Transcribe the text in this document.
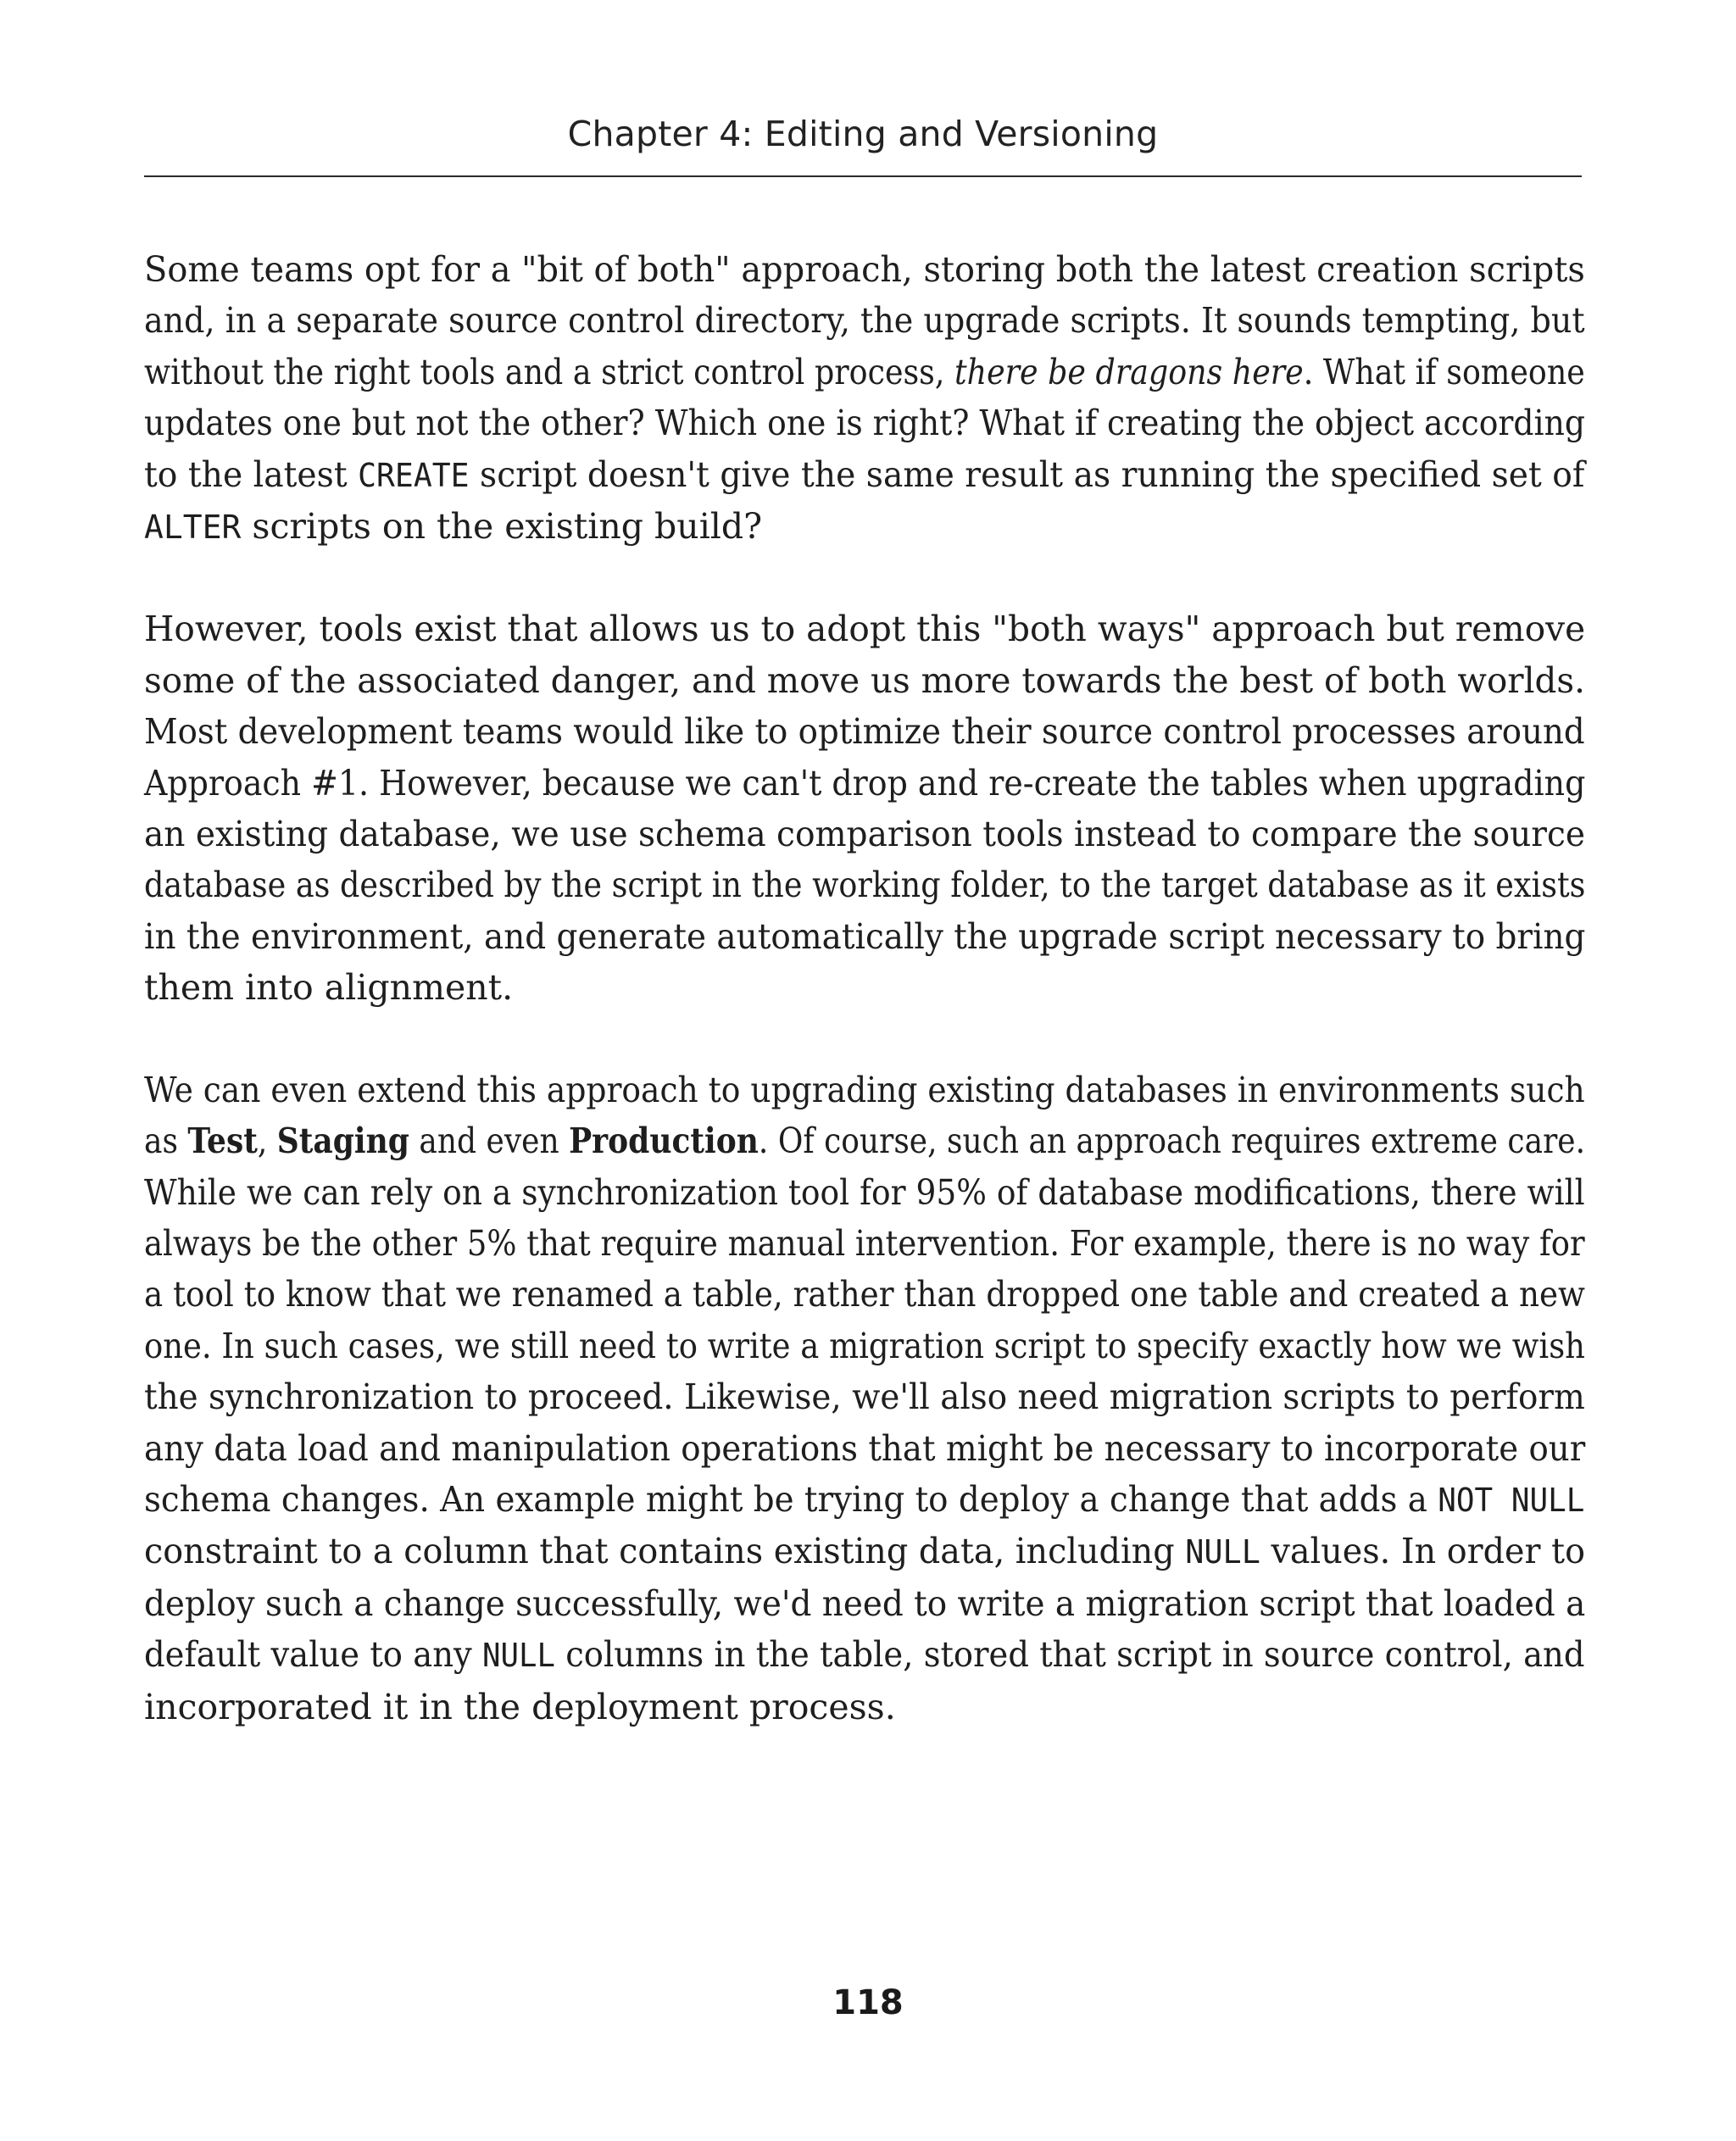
Chapter 4: Editing and Versioning

Some teams opt for a "bit of both" approach, storing both the latest creation scripts
and, in a separate source control directory, the upgrade scripts. It sounds tempting, but
without the right tools and a strict control process, there be dragons here. What if someone
updates one but not the other? Which one is right? What if creating the object according
to the latest CREATE script doesn't give the same result as running the specified set of
ALTER scripts on the existing build?

However, tools exist that allows us to adopt this "both ways" approach but remove
some of the associated danger, and move us more towards the best of both worlds.
Most development teams would like to optimize their source control processes around
Approach #1. However, because we can't drop and re-create the tables when upgrading
an existing database, we use schema comparison tools instead to compare the source
database as described by the script in the working folder, to the target database as it exists
in the environment, and generate automatically the upgrade script necessary to bring
them into alignment.

We can even extend this approach to upgrading existing databases in environments such
as Test, Staging and even Production. Of course, such an approach requires extreme care.
While we can rely on a synchronization tool for 95% of database modifications, there will
always be the other 5% that require manual intervention. For example, there is no way for
a tool to know that we renamed a table, rather than dropped one table and created a new
one. In such cases, we still need to write a migration script to specify exactly how we wish
the synchronization to proceed. Likewise, we'll also need migration scripts to perform
any data load and manipulation operations that might be necessary to incorporate our
schema changes. An example might be trying to deploy a change that adds a NOT NULL
constraint to a column that contains existing data, including NULL values. In order to
deploy such a change successfully, we'd need to write a migration script that loaded a
default value to any NULL columns in the table, stored that script in source control, and
incorporated it in the deployment process.

118
